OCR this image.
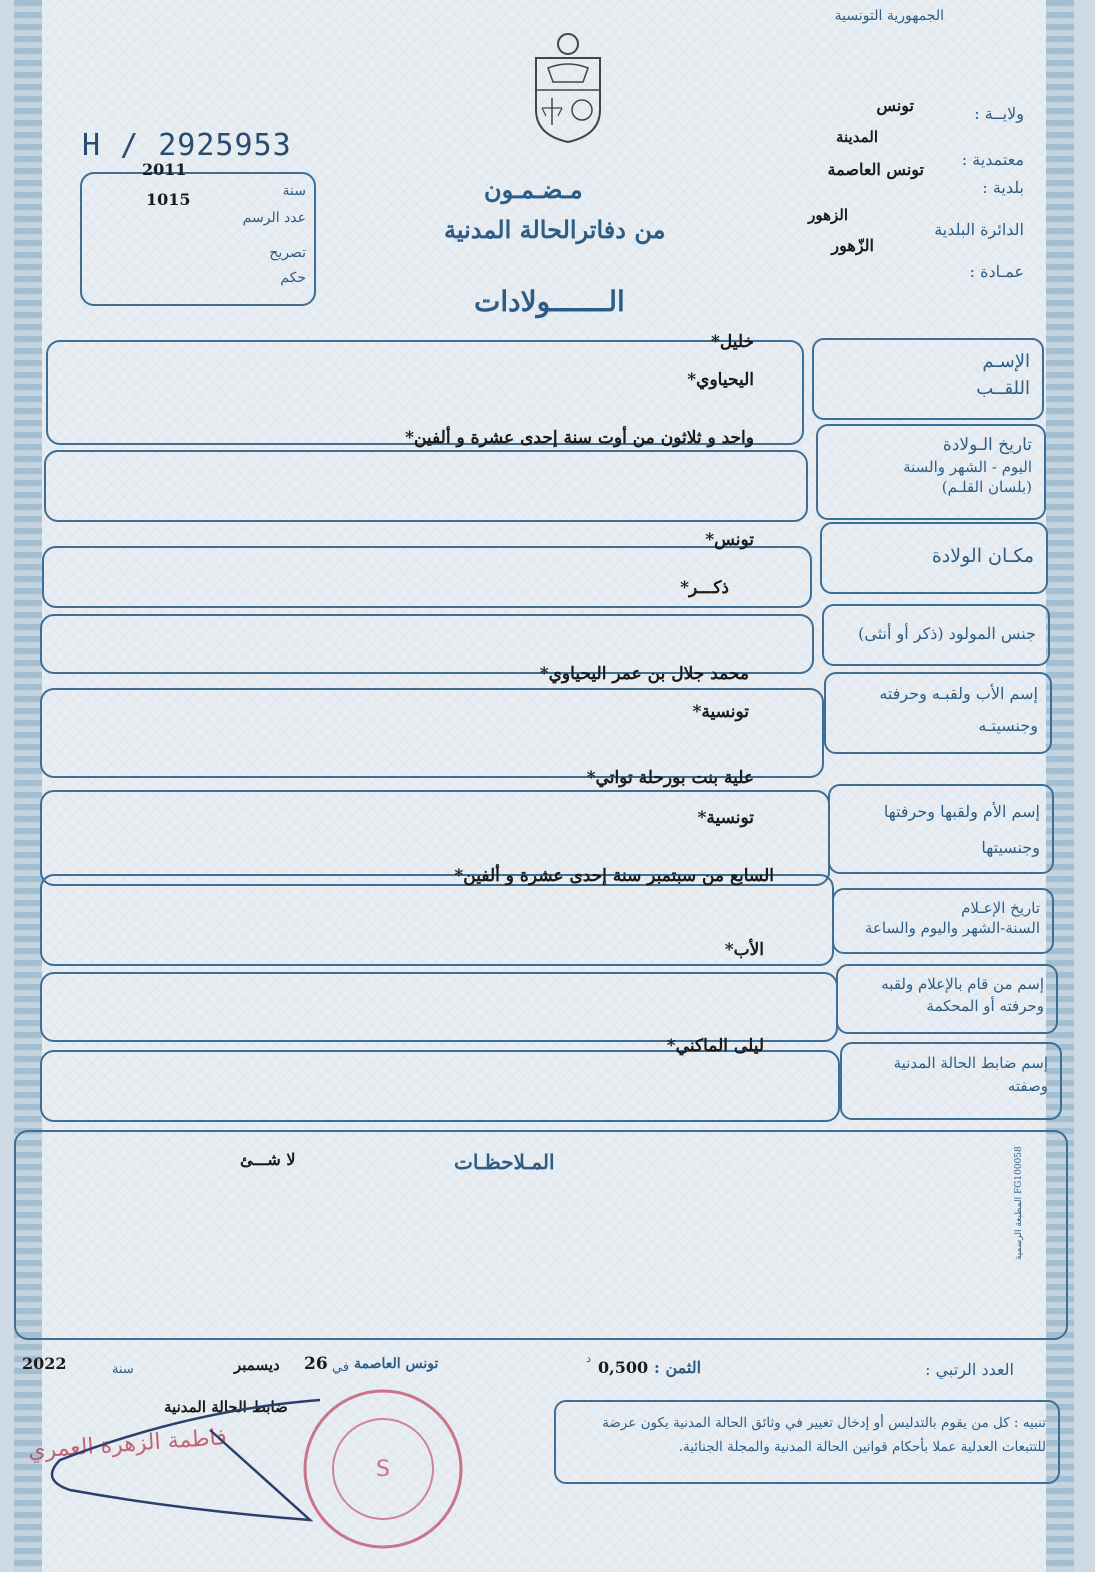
الجمهورية التونسية
H / 2925953
2011
1015	سنة
عدد الرسم
تصريح
حكم
ولايــة :
تونس
معتمدية :
المدينة
بلدية :
تونس العاصمة
الدائرة البلدية
الزهور
عمـادة :
الزّهور
مـضـمـون
من دفاترالحالة المدنية
الـــــــولادات
الإسـم
اللقــب
خليل*
اليحياوي*
تاريخ الـولادة
اليوم - الشهر والسنة
(بلسان القلـم)
واحد و ثلاثون من أوت سنة إحدى عشرة و ألفين*
مكـان الولادة
تونس*
جنس المولود (ذكر أو أنثى)
ذكـــر*
إسم الأب ولقبـه وحرفته
وجنسيتـه
محمد جلال بن عمر اليحياوي*
تونسية*
إسم الأم ولقبها وحرفتها
وجنسيتها
علية بنت بورحلة تواتي*
تونسية*
تاريخ الإعـلام
السنة-الشهر واليوم والساعة
السابع من سبتمبر سنة إحدى عشرة و ألفين*
إسم من قام بالإعلام ولقبه
وحرفته أو المحكمة
الأب*
إسم ضابط الحالة المدنية
وصفته
ليلى الماكني*
المـلاحظـات
لا شـــئ
العدد الرتبي :
الثمن :
0,500
د
تونس العاصمة
في
26
ديسمبر
سنة
2022
ضابط الحالة المدنية
فاطمة الزهرة العمري
S
تنبيه : كل من يقوم بالتدليس أو إدخال تغيير في وثائق الحالة المدنية يكون عرضة
للتتبعات العدلية عملا بأحكام قوانين الحالة المدنية والمجلة الجنائية.
المطبعة الرسمية FG100058
